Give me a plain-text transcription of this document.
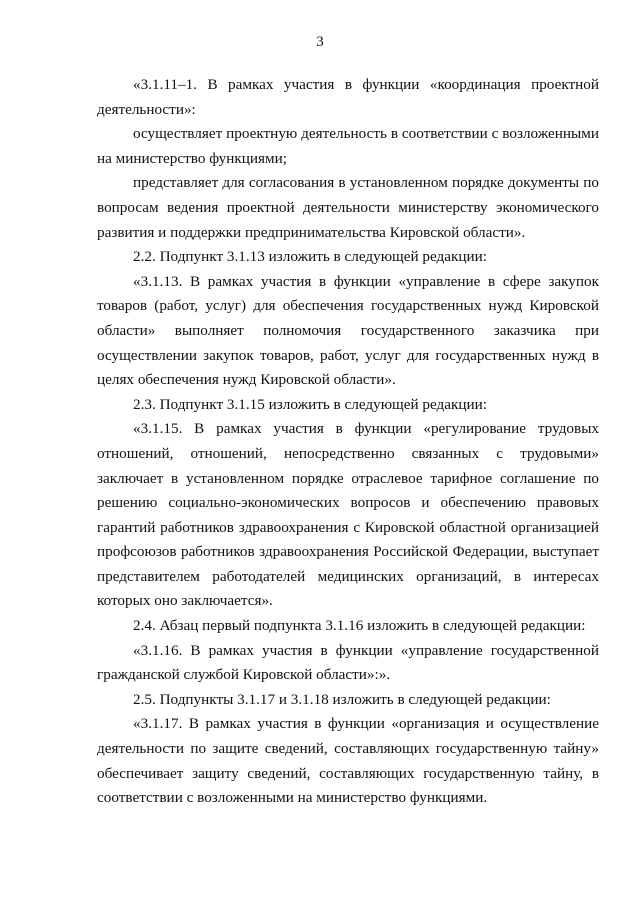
3

«3.1.11–1. В рамках участия в функции «координация проектной деятельности»:

осуществляет проектную деятельность в соответствии с возложенными на министерство функциями;

представляет для согласования в установленном порядке документы по вопросам ведения проектной деятельности министерству экономического развития и поддержки предпринимательства Кировской области».

2.2. Подпункт 3.1.13 изложить в следующей редакции:

«3.1.13. В рамках участия в функции «управление в сфере закупок товаров (работ, услуг) для обеспечения государственных нужд Кировской области» выполняет полномочия государственного заказчика при осуществлении закупок товаров, работ, услуг для государственных нужд в целях обеспечения нужд Кировской области».

2.3. Подпункт 3.1.15 изложить в следующей редакции:

«3.1.15. В рамках участия в функции «регулирование трудовых отношений, отношений, непосредственно связанных с трудовыми» заключает в установленном порядке отраслевое тарифное соглашение по решению социально-экономических вопросов и обеспечению правовых гарантий работников здравоохранения с Кировской областной организацией профсоюзов работников здравоохранения Российской Федерации, выступает представителем работодателей медицинских организаций, в интересах которых оно заключается».

2.4. Абзац первый подпункта 3.1.16 изложить в следующей редакции:

«3.1.16. В рамках участия в функции «управление государственной гражданской службой Кировской области»:».

2.5. Подпункты 3.1.17 и 3.1.18 изложить в следующей редакции:

«3.1.17. В рамках участия в функции «организация и осуществление деятельности по защите сведений, составляющих государственную тайну» обеспечивает защиту сведений, составляющих государственную тайну, в соответствии с возложенными на министерство функциями.
